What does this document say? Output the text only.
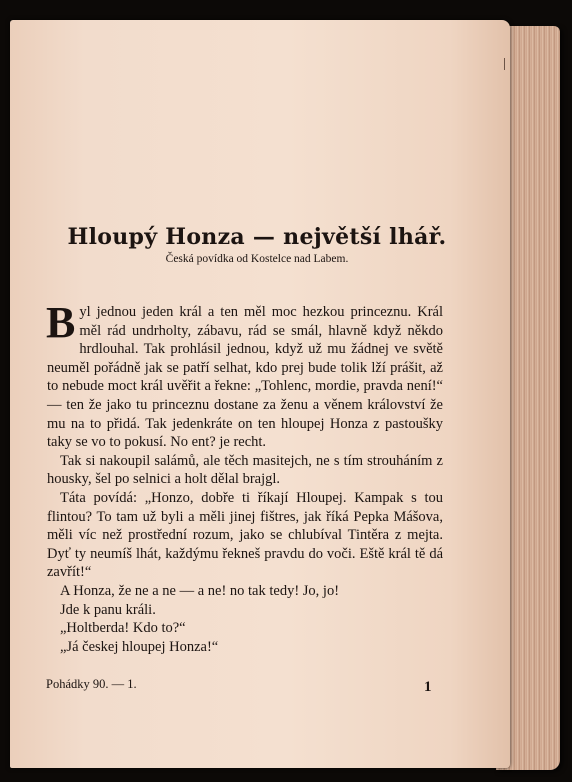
Hloupý Honza — největší lhář.

Česká povídka od Kostelce nad Labem.

B yl jednou jeden král a ten měl moc hezkou princeznu. Král měl rád undrholty, zábavu, rád se smál, hlavně když někdo hrdlouhal. Tak prohlásil jednou, když už mu žádnej ve světě neuměl pořádně jak se patří selhat, kdo prej bude tolik lží prášit, až to nebude moct král uvěřit a řekne: „Tohlenc, mordie, pravda není!“ — ten že jako tu princeznu dostane za ženu a věnem království že mu na to přidá. Tak jedenkráte on ten hloupej Honza z pastoušky taky se vo to pokusí. No ent? je recht.

Tak si nakoupil salámů, ale těch masitejch, ne s tím strouháním z housky, šel po selnici a holt dělal brajgl.

Táta povídá: „Honzo, dobře ti říkají Hloupej. Kampak s tou flintou? To tam už byli a měli jinej fištres, jak říká Pepka Mášova, měli víc než prostřední rozum, jako se chlubíval Tintěra z mejta. Dyť ty neumíš lhát, každýmu řekneš pravdu do voči. Eště král tě dá zavřít!“

A Honza, že ne a ne — a ne! no tak tedy! Jo, jo!

Jde k panu králi.

„Holtberda! Kdo to?“

„Já českej hloupej Honza!“

Pohádky 90. — 1.	1
